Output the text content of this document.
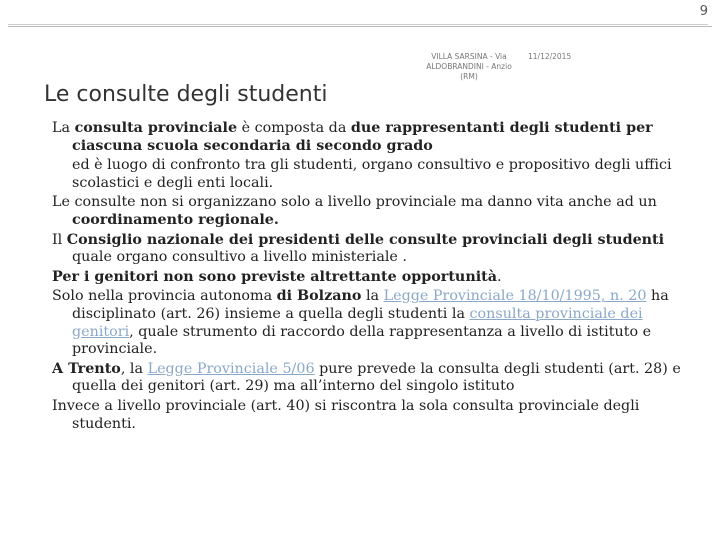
9
VILLA SARSINA - Via
ALDOBRANDINI - Anzio
(RM)
11/12/2015
Le consulte degli studenti

La consulta provinciale è composta da due rappresentanti degli studenti per ciascuna scuola secondaria di secondo grado

ed è luogo di confronto tra gli studenti, organo consultivo e propositivo degli uffici scolastici e degli enti locali.

Le consulte non si organizzano solo a livello provinciale ma danno vita anche ad un coordinamento regionale.

Il Consiglio nazionale dei presidenti delle consulte provinciali degli studenti quale organo consultivo a livello ministeriale .

Per i genitori non sono previste altrettante opportunità.

Solo nella provincia autonoma di Bolzano la Legge Provinciale 18/10/1995, n. 20 ha disciplinato (art. 26) insieme a quella degli studenti la consulta provinciale dei genitori, quale strumento di raccordo della rappresentanza a livello di istituto e provinciale.

A Trento, la Legge Provinciale 5/06 pure prevede la consulta degli studenti (art. 28) e quella dei genitori (art. 29) ma all’interno del singolo istituto

Invece a livello provinciale (art. 40) si riscontra la sola consulta provinciale degli studenti.
